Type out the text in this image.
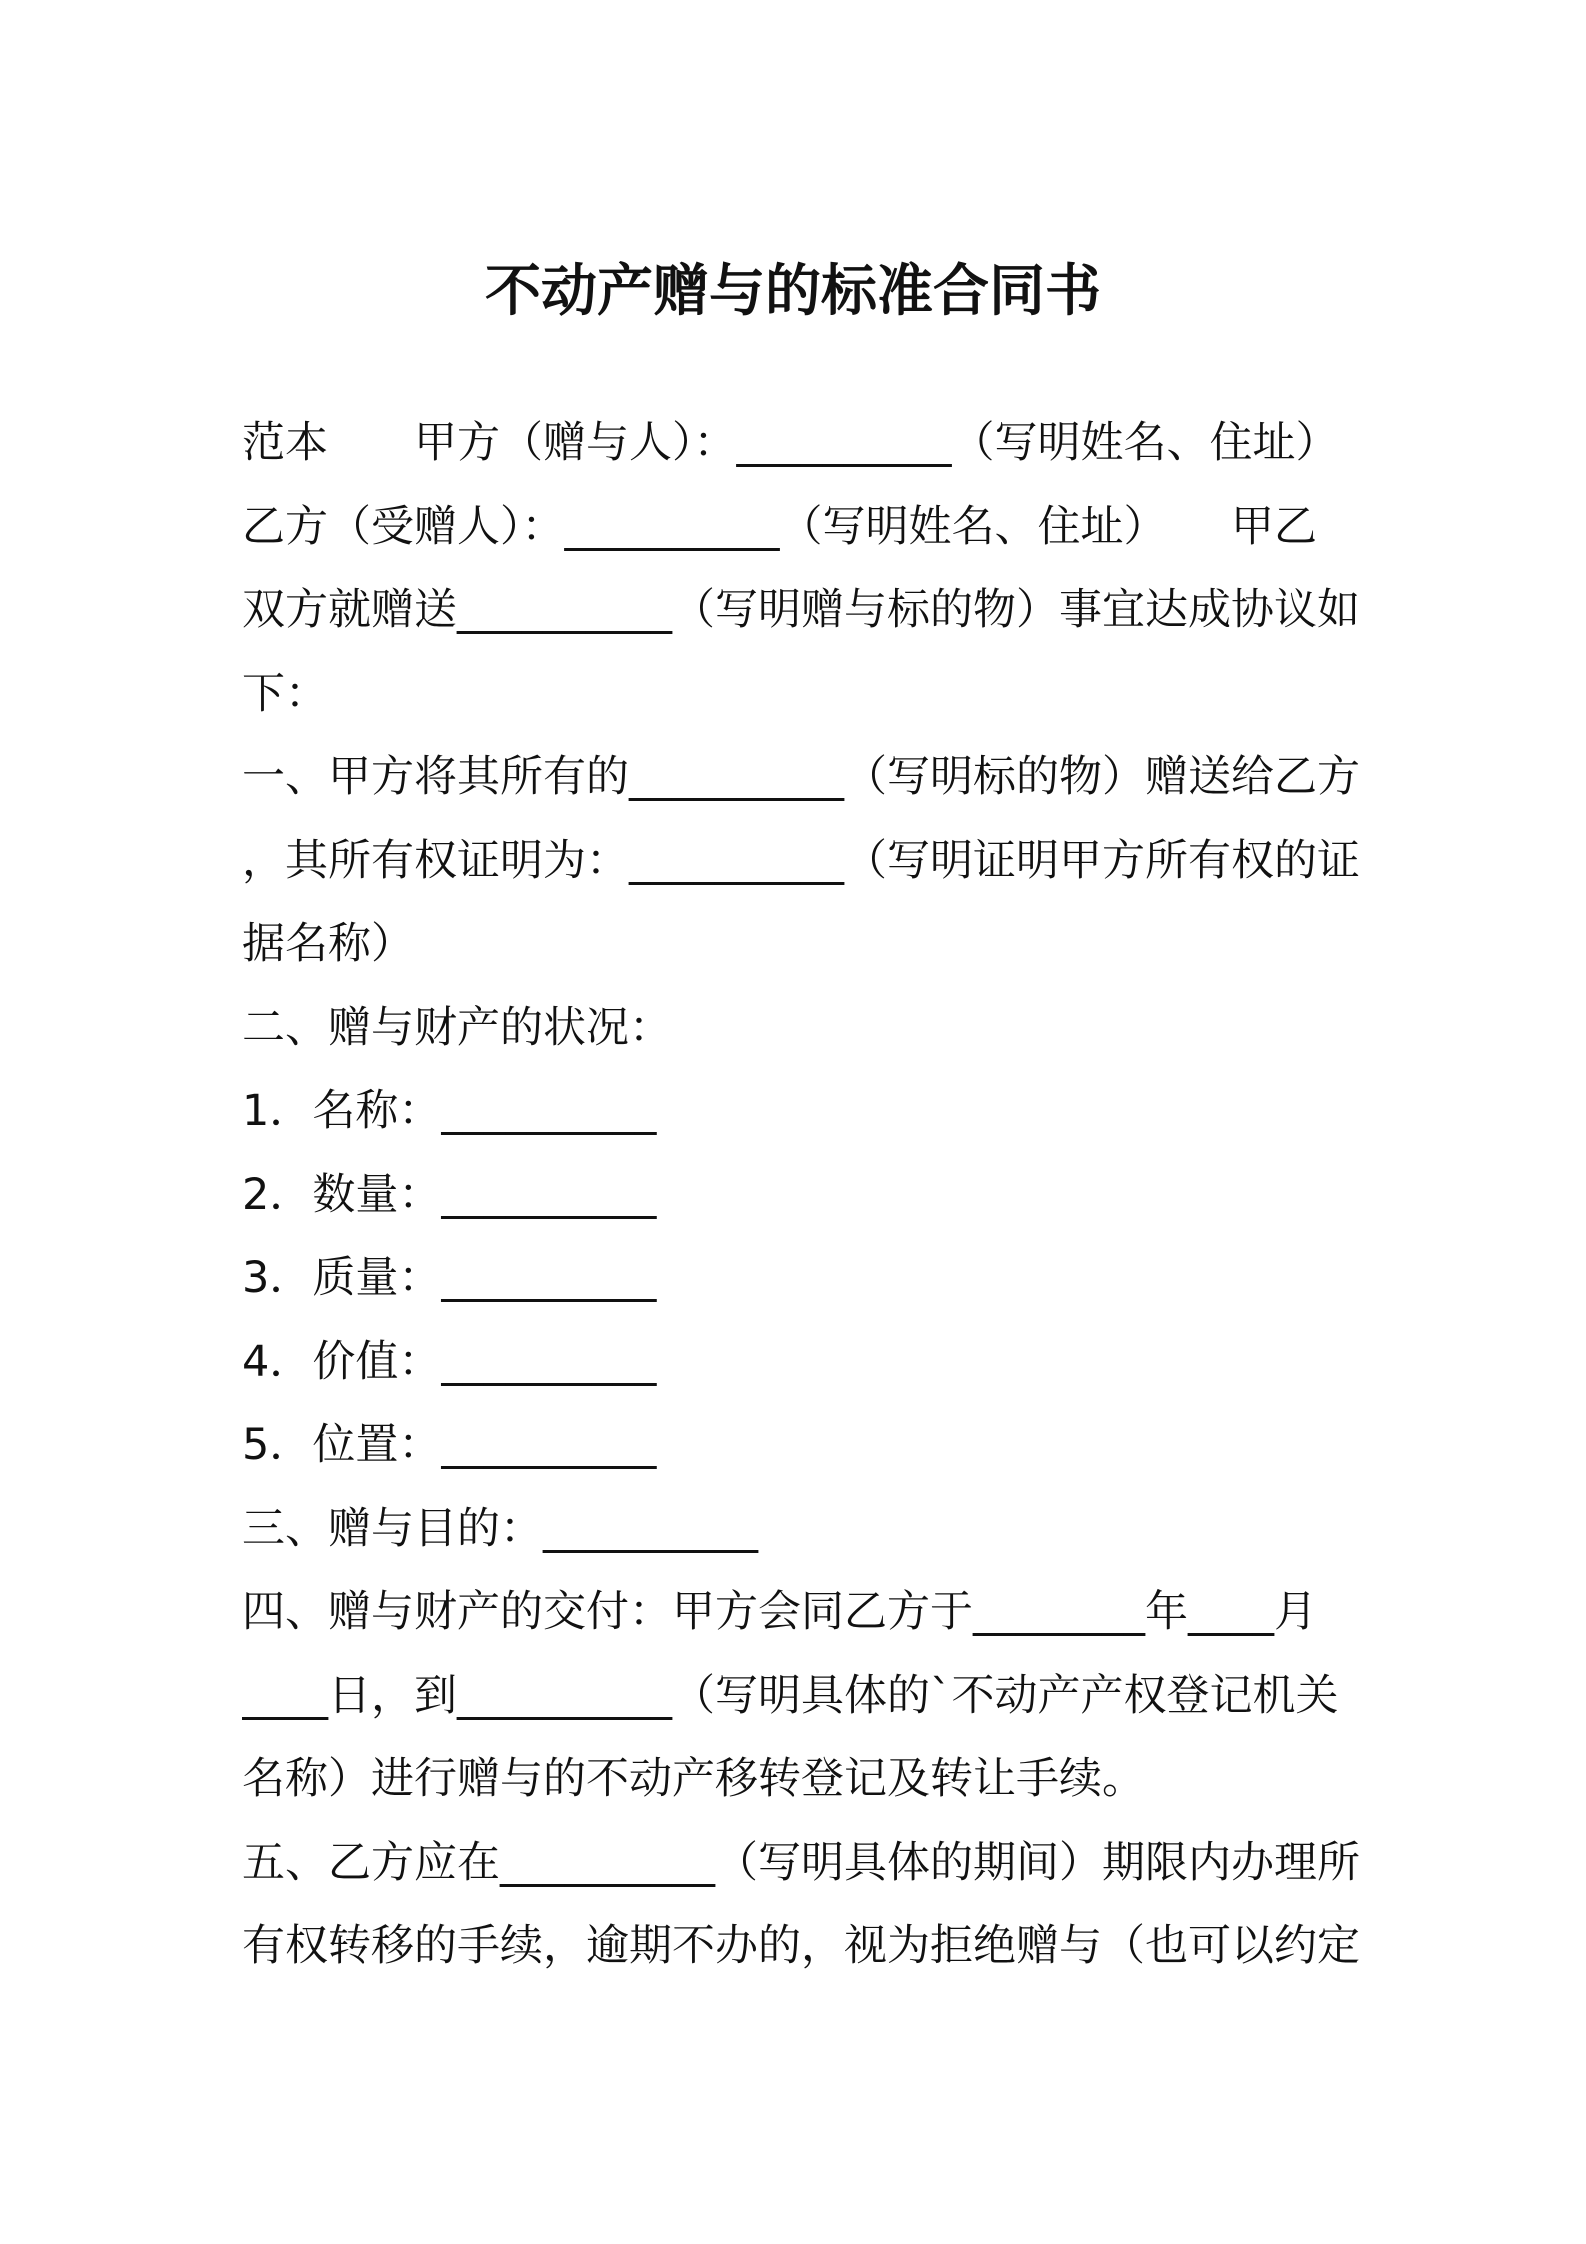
不动产赠与的标准合同书
范本　　甲方（赠与人）：__________（写明姓名、住址）
乙方（受赠人）：__________（写明姓名、住址）　　甲乙
双方就赠送__________（写明赠与标的物）事宜达成协议如
下：
一、甲方将其所有的__________（写明标的物）赠送给乙方
，其所有权证明为：__________（写明证明甲方所有权的证
据名称）
二、赠与财产的状况：
1．名称：__________
2．数量：__________
3．质量：__________
4．价值：__________
5．位置：__________
三、赠与目的：__________
四、赠与财产的交付：甲方会同乙方于________年____月
____日，到__________（写明具体的`不动产产权登记机关
名称）进行赠与的不动产移转登记及转让手续。
五、乙方应在__________（写明具体的期间）期限内办理所
有权转移的手续，逾期不办的，视为拒绝赠与（也可以约定
